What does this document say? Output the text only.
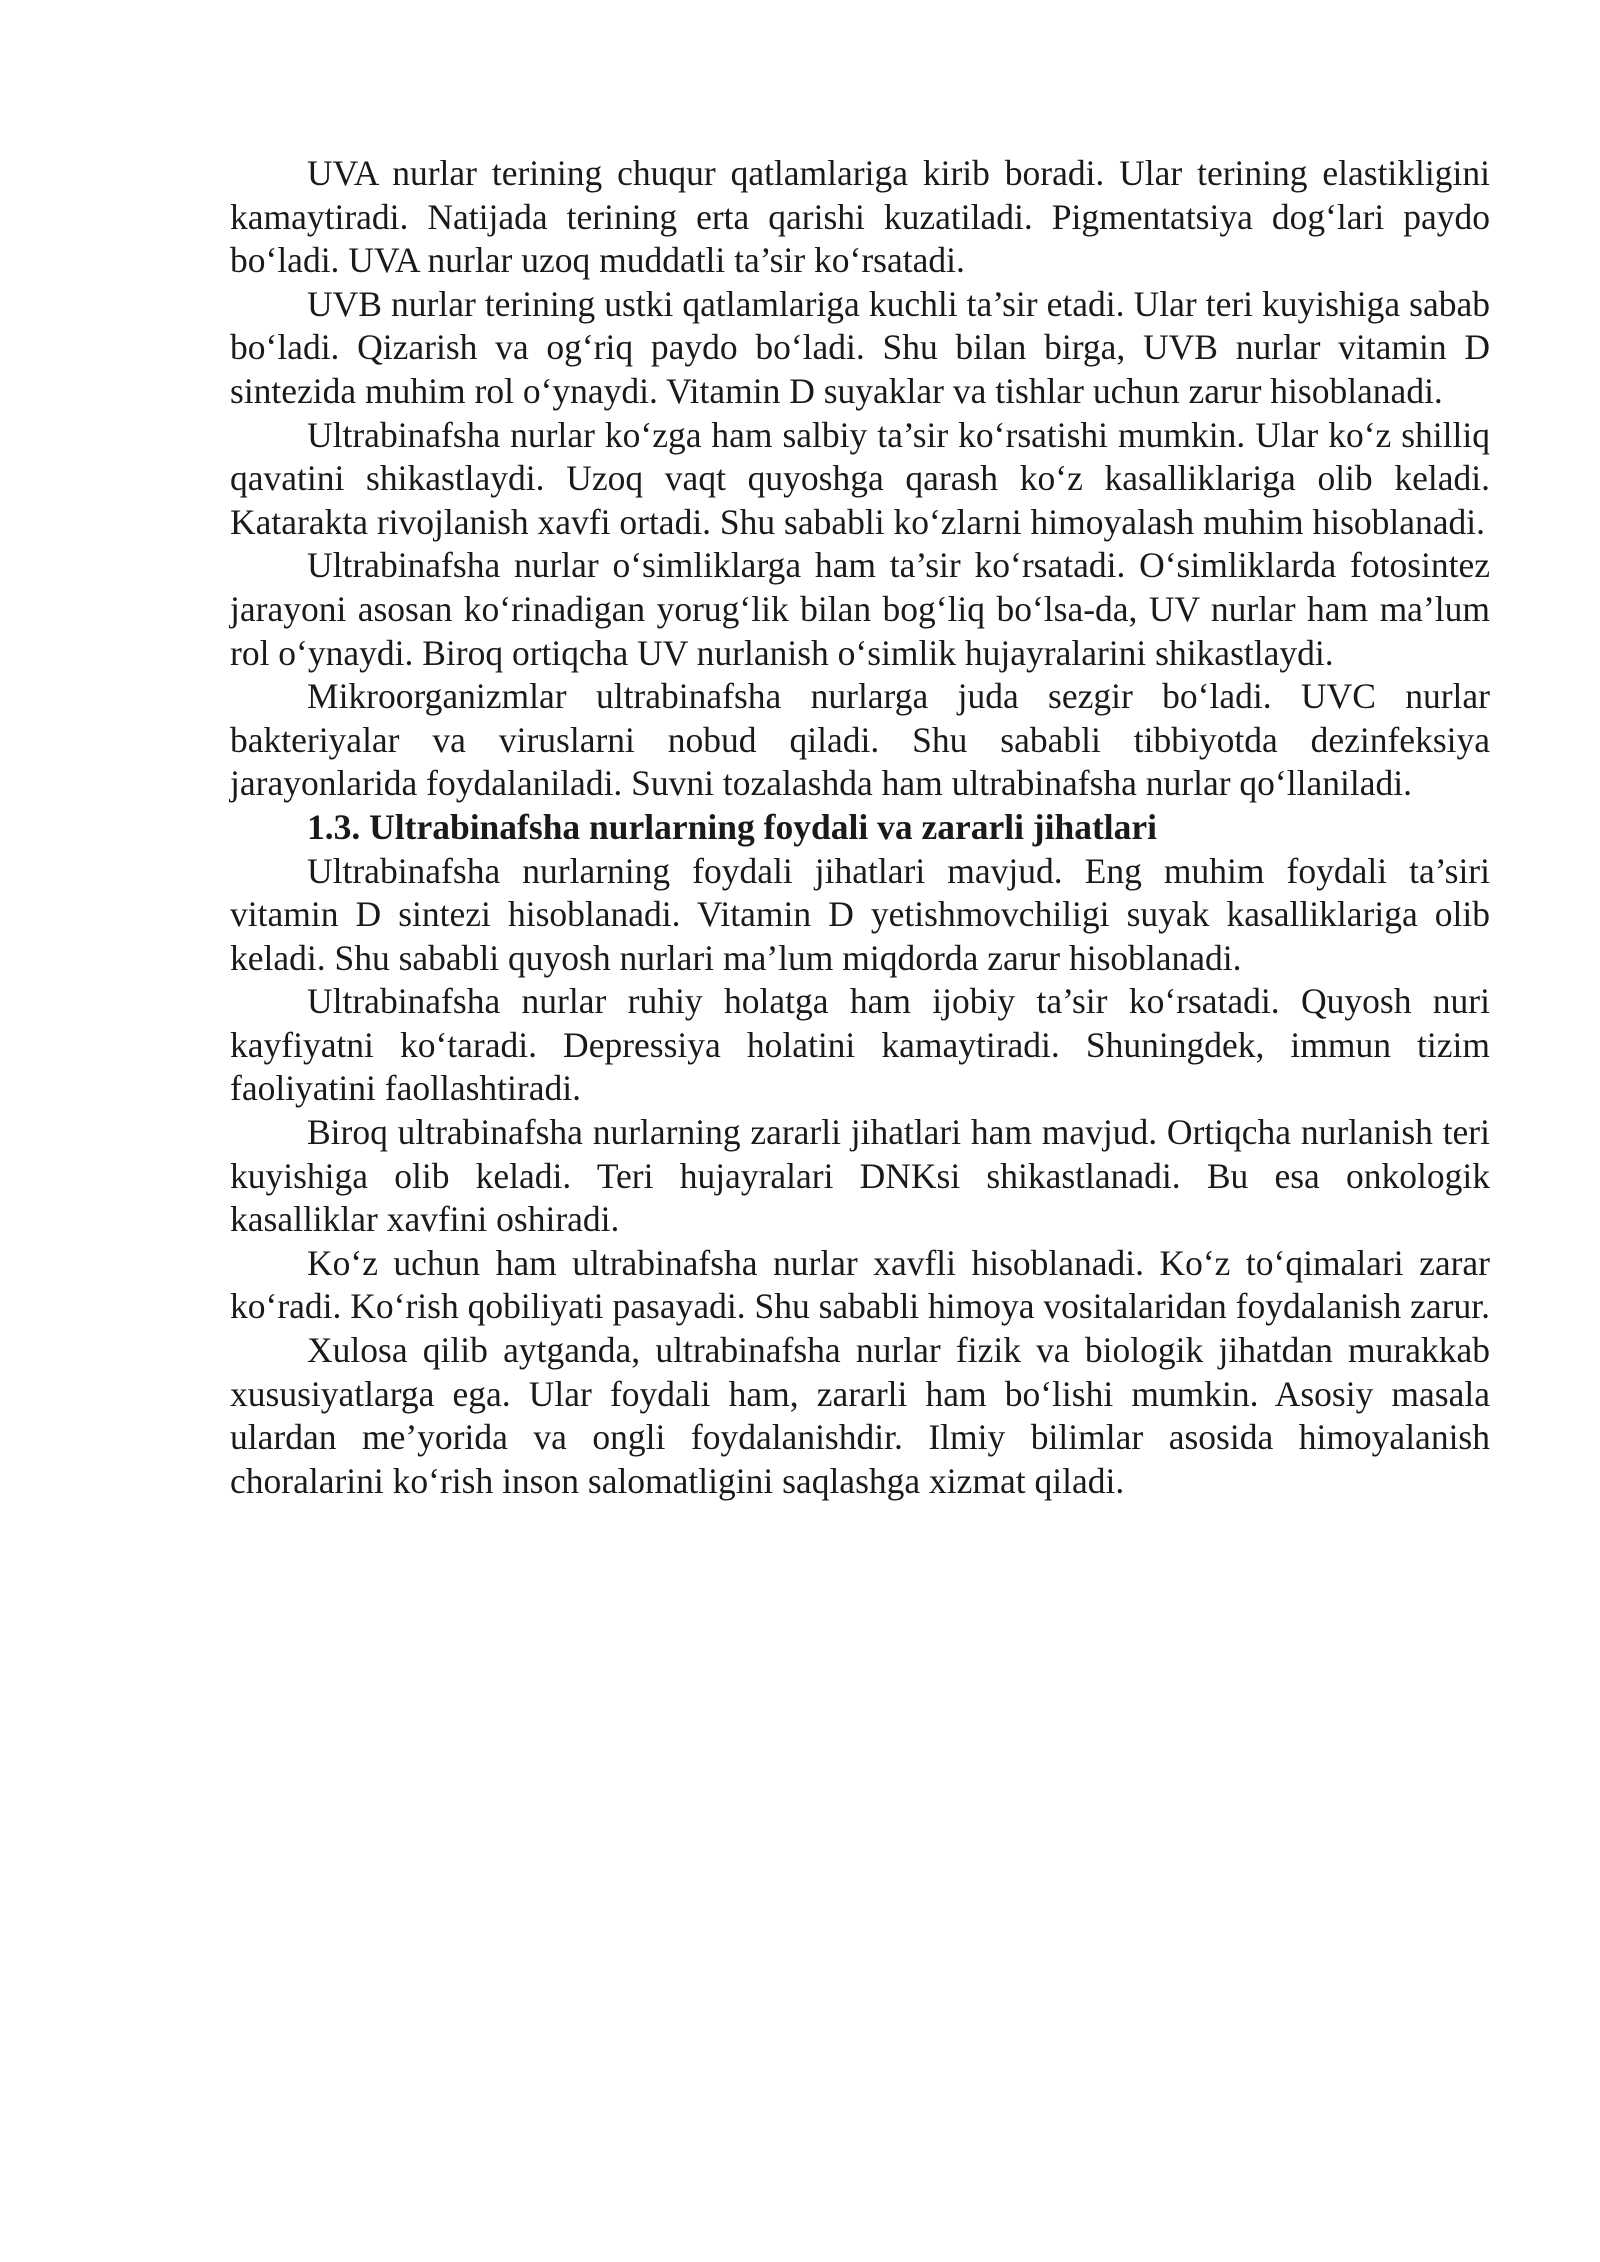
UVA nurlar terining chuqur qatlamlariga kirib boradi. Ular terining elastikligini kamaytiradi. Natijada terining erta qarishi kuzatiladi. Pigmentatsiya dog‘lari paydo bo‘ladi. UVA nurlar uzoq muddatli ta’sir ko‘rsatadi.

UVB nurlar terining ustki qatlamlariga kuchli ta’sir etadi. Ular teri kuyishiga sabab bo‘ladi. Qizarish va og‘riq paydo bo‘ladi. Shu bilan birga, UVB nurlar vitamin D sintezida muhim rol o‘ynaydi. Vitamin D suyaklar va tishlar uchun zarur hisoblanadi.

Ultrabinafsha nurlar ko‘zga ham salbiy ta’sir ko‘rsatishi mumkin. Ular ko‘z shilliq qavatini shikastlaydi. Uzoq vaqt quyoshga qarash ko‘z kasalliklariga olib keladi. Katarakta rivojlanish xavfi ortadi. Shu sababli ko‘zlarni himoyalash muhim hisoblanadi.

Ultrabinafsha nurlar o‘simliklarga ham ta’sir ko‘rsatadi. O‘simliklarda fotosintez jarayoni asosan ko‘rinadigan yorug‘lik bilan bog‘liq bo‘lsa-da, UV nurlar ham ma’lum rol o‘ynaydi. Biroq ortiqcha UV nurlanish o‘simlik hujayralarini shikastlaydi.

Mikroorganizmlar ultrabinafsha nurlarga juda sezgir bo‘ladi. UVC nurlar bakteriyalar va viruslarni nobud qiladi. Shu sababli tibbiyotda dezinfeksiya jarayonlarida foydalaniladi. Suvni tozalashda ham ultrabinafsha nurlar qo‘llaniladi.

1.3. Ultrabinafsha nurlarning foydali va zararli jihatlari

Ultrabinafsha nurlarning foydali jihatlari mavjud. Eng muhim foydali ta’siri vitamin D sintezi hisoblanadi. Vitamin D yetishmovchiligi suyak kasalliklariga olib keladi. Shu sababli quyosh nurlari ma’lum miqdorda zarur hisoblanadi.

Ultrabinafsha nurlar ruhiy holatga ham ijobiy ta’sir ko‘rsatadi. Quyosh nuri kayfiyatni ko‘taradi. Depressiya holatini kamaytiradi. Shuningdek, immun tizim faoliyatini faollashtiradi.

Biroq ultrabinafsha nurlarning zararli jihatlari ham mavjud. Ortiqcha nurlanish teri kuyishiga olib keladi. Teri hujayralari DNKsi shikastlanadi. Bu esa onkologik kasalliklar xavfini oshiradi.

Ko‘z uchun ham ultrabinafsha nurlar xavfli hisoblanadi. Ko‘z to‘qimalari zarar ko‘radi. Ko‘rish qobiliyati pasayadi. Shu sababli himoya vositalaridan foydalanish zarur.

Xulosa qilib aytganda, ultrabinafsha nurlar fizik va biologik jihatdan murakkab xususiyatlarga ega. Ular foydali ham, zararli ham bo‘lishi mumkin. Asosiy masala ulardan me’yorida va ongli foydalanishdir. Ilmiy bilimlar asosida himoyalanish choralarini ko‘rish inson salomatligini saqlashga xizmat qiladi.
